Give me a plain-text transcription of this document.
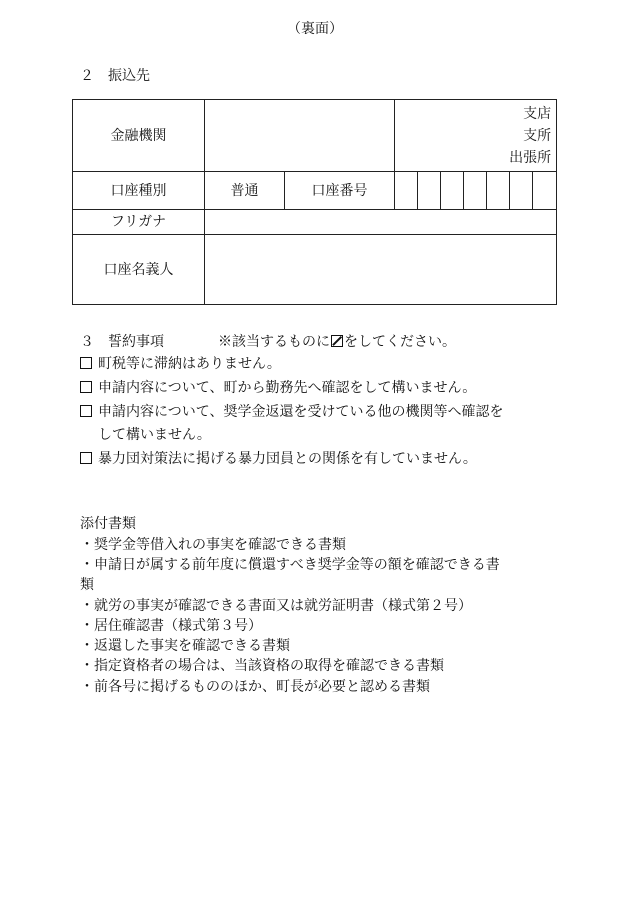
（裏面）
２　振込先
金融機関			支店
支所
出張所						

口座種別	普通	口座番号							
フリガナ									
口座名義人									
３　誓約事項	※該当するものに をしてください。
町税等に滞納はありません。
申請内容について、町から勤務先へ確認をして構いません。
申請内容について、奨学金返還を受けている他の機関等へ確認を
して構いません。
暴力団対策法に掲げる暴力団員との関係を有していません。
添付書類
・奨学金等借入れの事実を確認できる書類
・申請日が属する前年度に償還すべき奨学金等の額を確認できる書
類
・就労の事実が確認できる書面又は就労証明書（様式第２号）
・居住確認書（様式第３号）
・返還した事実を確認できる書類
・指定資格者の場合は、当該資格の取得を確認できる書類
・前各号に掲げるもののほか、町長が必要と認める書類
